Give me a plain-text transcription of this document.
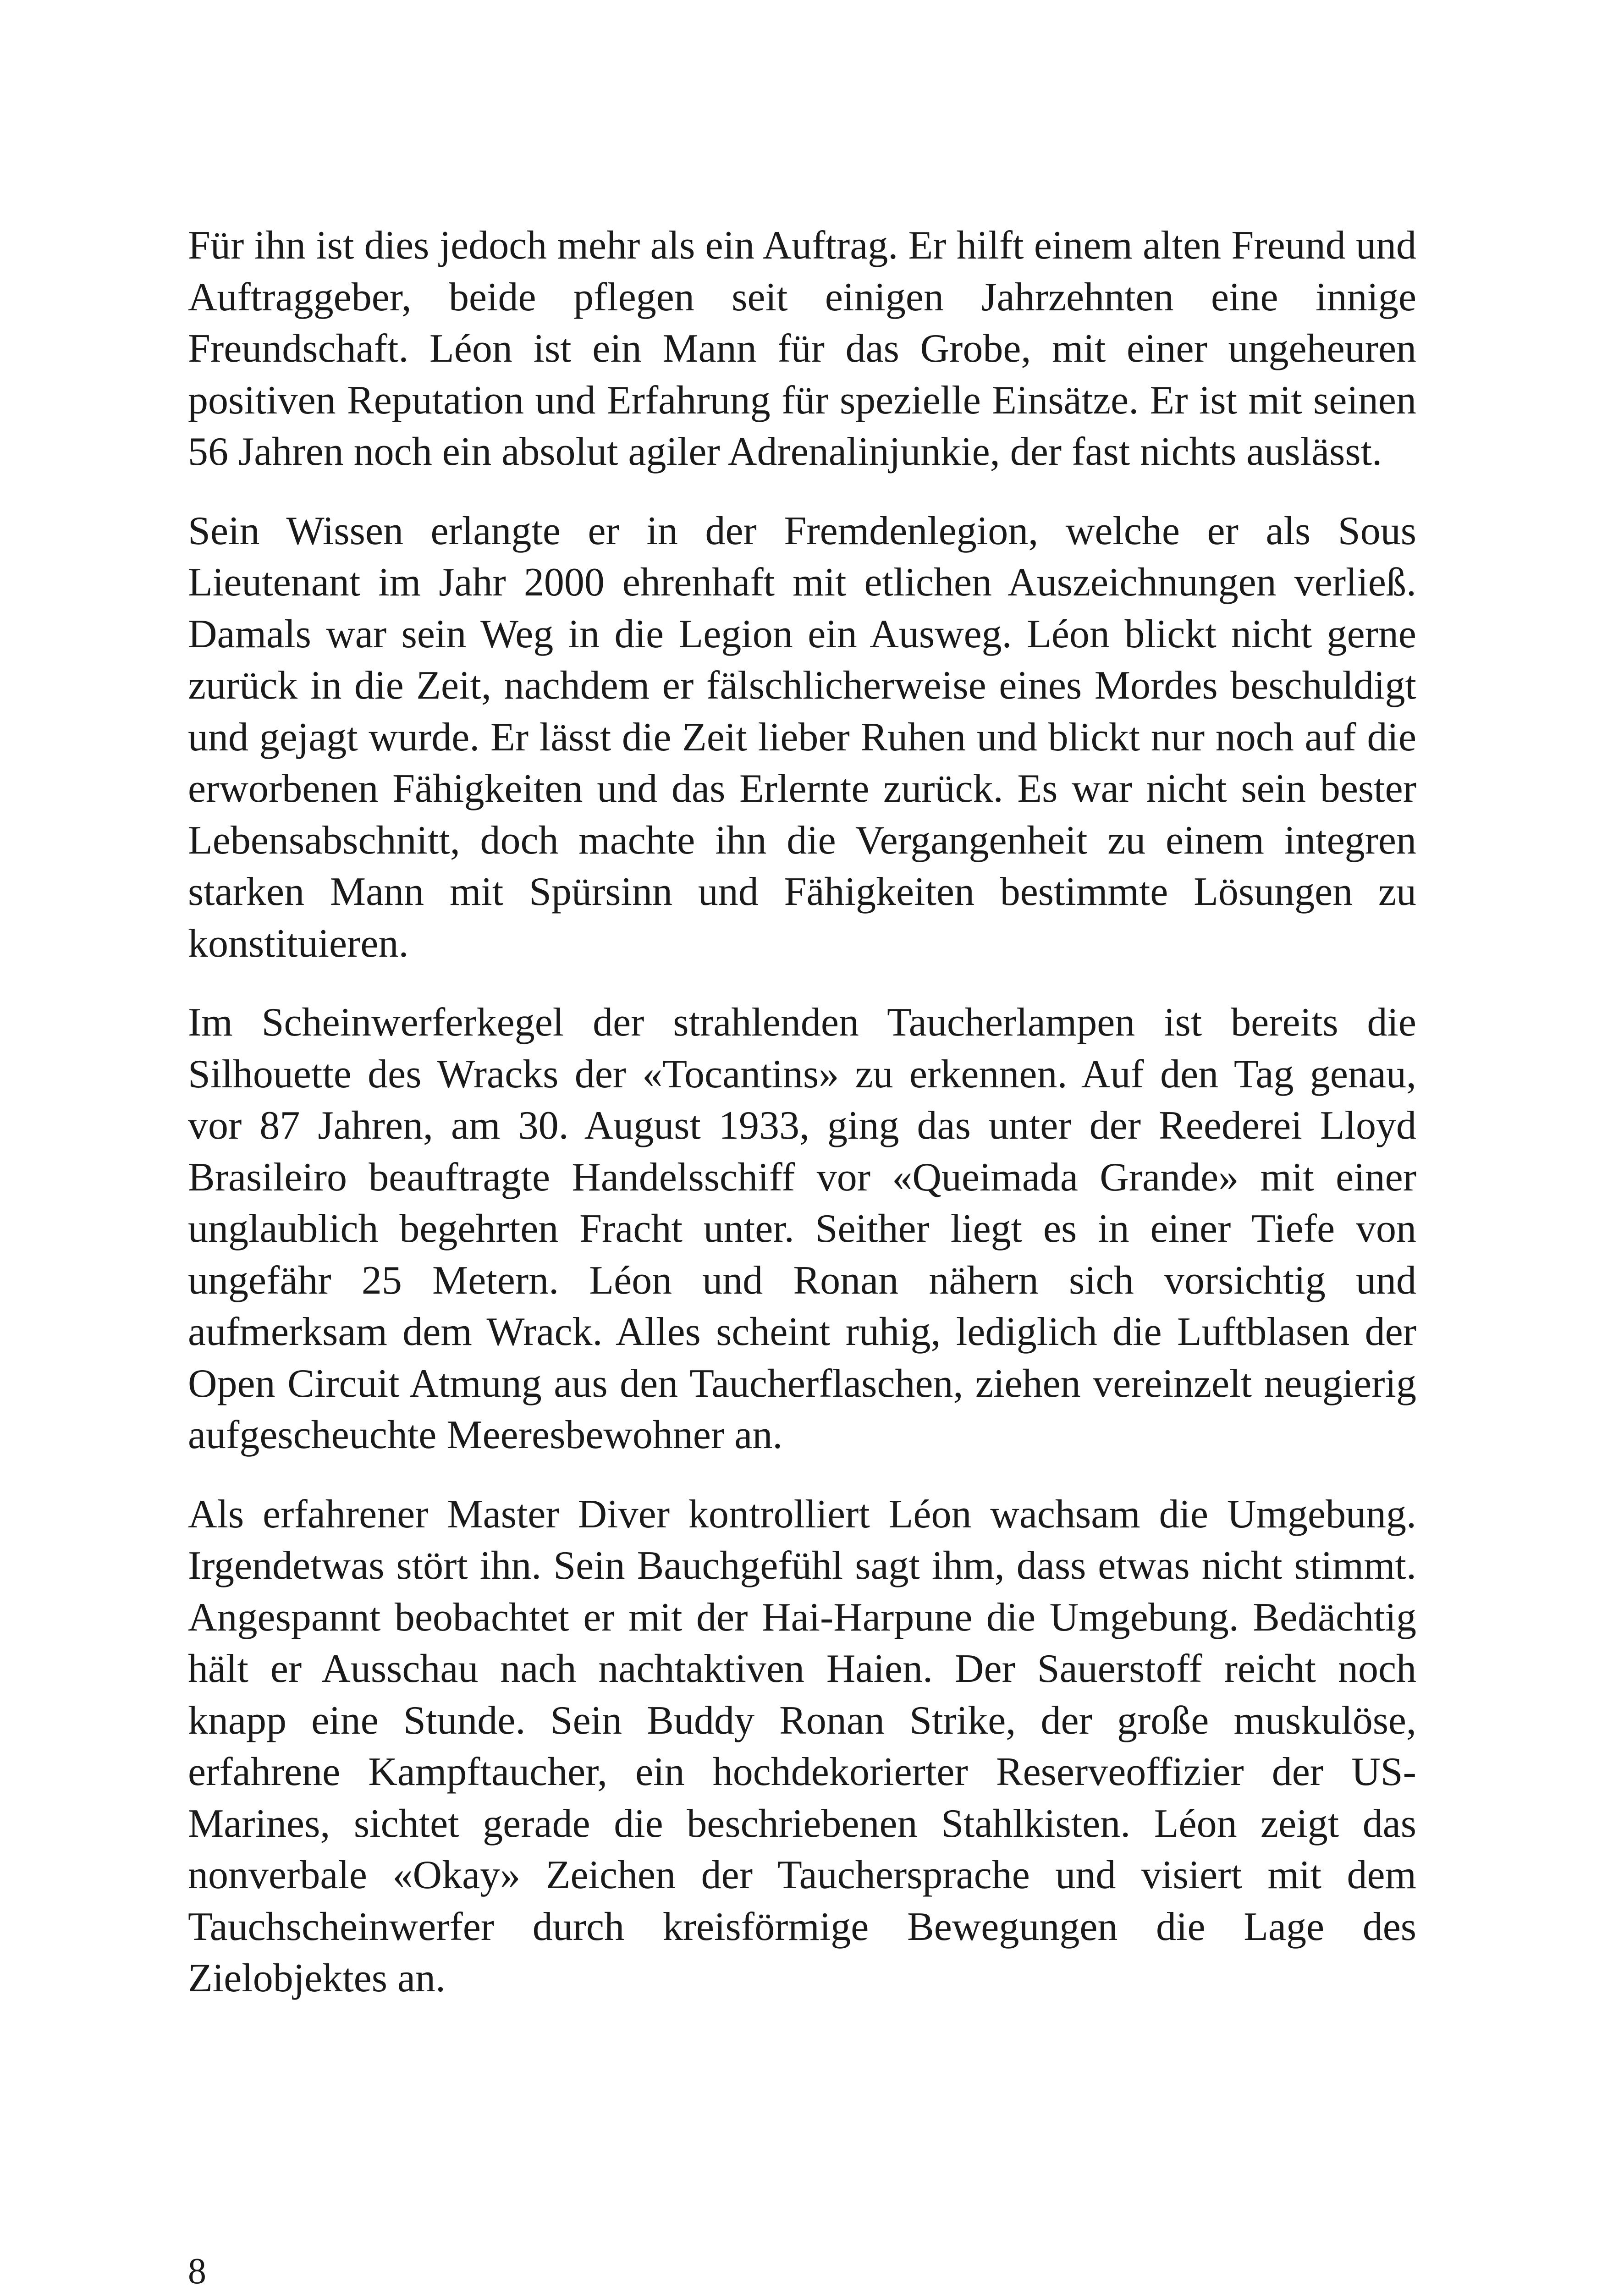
Für ihn ist dies jedoch mehr als ein Auftrag. Er hilft einem alten Freund und Auftraggeber, beide pflegen seit einigen Jahrzehnten eine innige Freundschaft. Léon ist ein Mann für das Grobe, mit einer ungeheuren positiven Reputation und Erfahrung für spezielle Einsätze. Er ist mit seinen 56 Jahren noch ein absolut agiler Adrenalinjunkie, der fast nichts auslässt.

Sein Wissen erlangte er in der Fremdenlegion, welche er als Sous Lieutenant im Jahr 2000 ehrenhaft mit etlichen Auszeichnungen verließ. Damals war sein Weg in die Legion ein Ausweg. Léon blickt nicht gerne zurück in die Zeit, nachdem er fälschlicherweise eines Mordes beschuldigt und gejagt wurde. Er lässt die Zeit lieber Ruhen und blickt nur noch auf die erworbenen Fähigkeiten und das Erlernte zurück. Es war nicht sein bester Lebensabschnitt, doch machte ihn die Vergangenheit zu einem integren starken Mann mit Spürsinn und Fähigkeiten bestimmte Lösungen zu konstituieren.

Im Scheinwerferkegel der strahlenden Taucherlampen ist bereits die Silhouette des Wracks der «Tocantins» zu erkennen. Auf den Tag genau, vor 87 Jahren, am 30. August 1933, ging das unter der Reederei Lloyd Brasileiro beauftragte Handelsschiff vor «Queimada Grande» mit einer unglaublich begehrten Fracht unter. Seither liegt es in einer Tiefe von ungefähr 25 Metern. Léon und Ronan nähern sich vorsichtig und aufmerksam dem Wrack. Alles scheint ruhig, lediglich die Luftblasen der Open Circuit Atmung aus den Taucherflaschen, ziehen vereinzelt neugierig aufgescheuchte Meeresbewohner an.

Als erfahrener Master Diver kontrolliert Léon wachsam die Umgebung. Irgendetwas stört ihn. Sein Bauchgefühl sagt ihm, dass etwas nicht stimmt. Angespannt beobachtet er mit der Hai-Harpune die Umgebung. Bedächtig hält er Ausschau nach nachtaktiven Haien. Der Sauerstoff reicht noch knapp eine Stunde. Sein Buddy Ronan Strike, der große muskulöse, erfahrene Kampftaucher, ein hochdekorierter Reserveoffizier der US-Marines, sichtet gerade die beschriebenen Stahlkisten. Léon zeigt das nonverbale «Okay» Zeichen der Tauchersprache und visiert mit dem Tauchscheinwerfer durch kreisförmige Bewegungen die Lage des Zielobjektes an.

8
